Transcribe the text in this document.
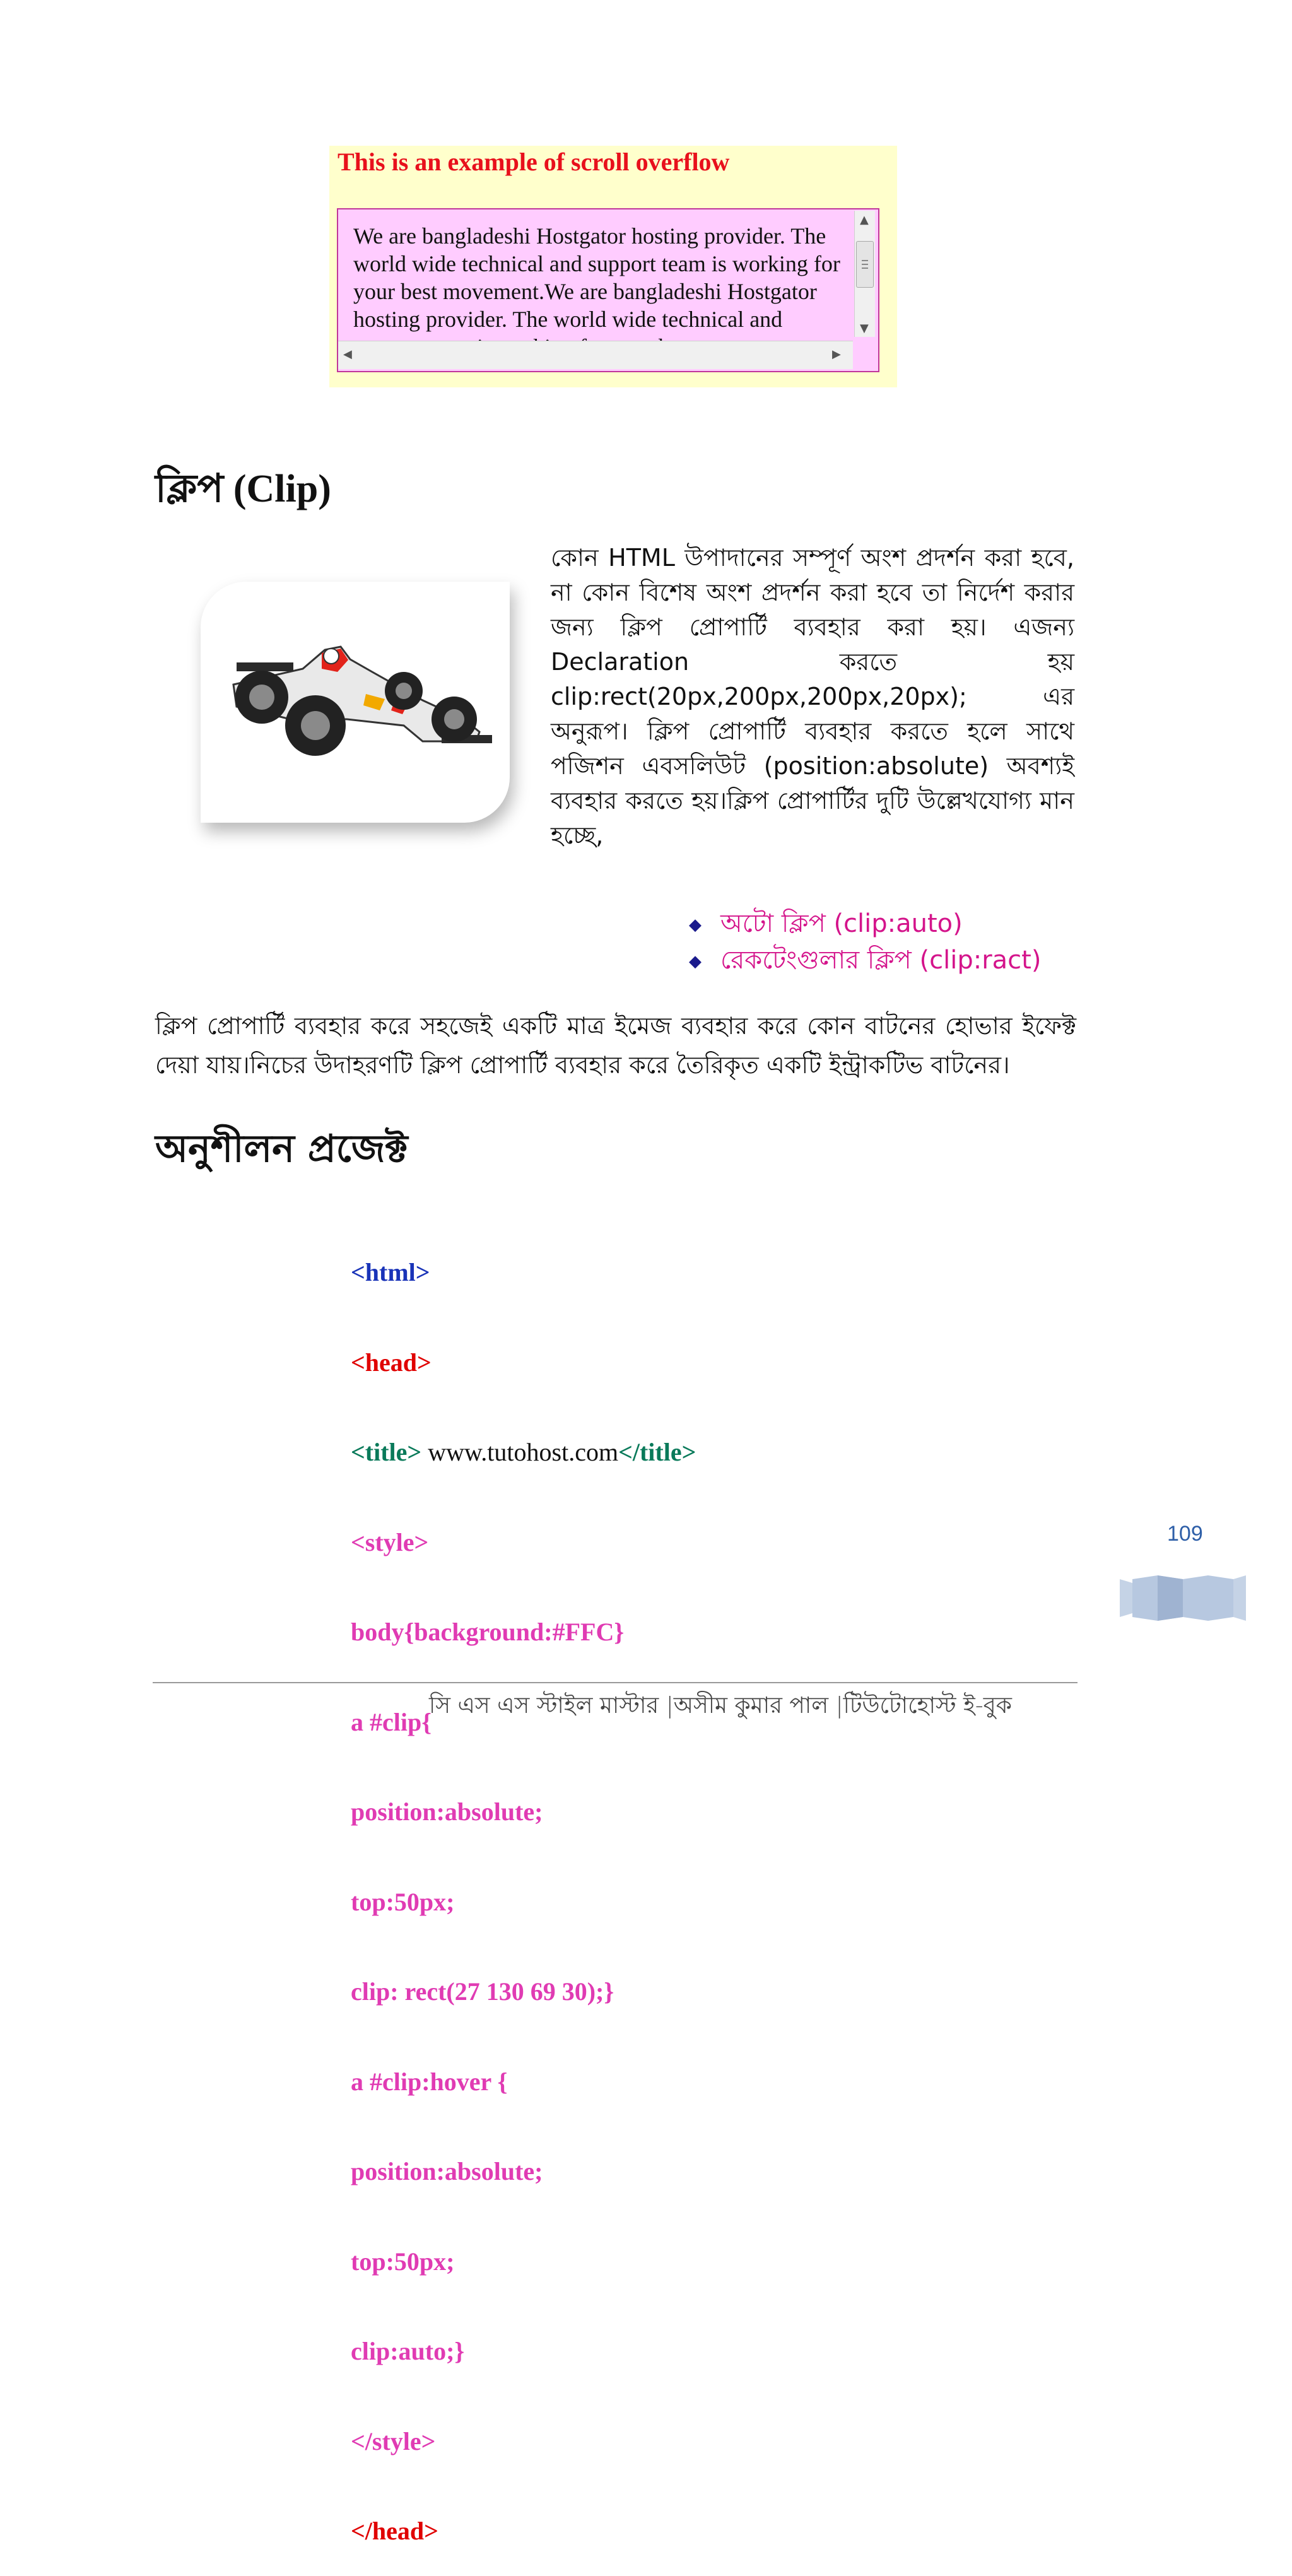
This is an example of scroll overflow
We are bangladeshi Hostgator hosting provider. The world wide technical and support team is working for your best movement.We are bangladeshi Hostgator hosting provider. The world wide technical and
▲
▼
◀	▶
ক্লিপ (Clip)

কোন HTML উপাদানের সম্পূর্ণ অংশ প্রদর্শন করা হবে, না কোন বিশেষ অংশ প্রদর্শন করা হবে তা নির্দেশ করার জন্য ক্লিপ প্রোপার্টি ব্যবহার করা হয়। এজন্য Declaration করতে হয় clip:rect(20px,200px,200px,20px); এর অনুরূপ। ক্লিপ প্রোপার্টি ব্যবহার করতে হলে সাথে পজিশন এবসলিউট (position:absolute) অবশ্যই ব্যবহার করতে হয়।ক্লিপ প্রোপার্টির দুটি উল্লেখযোগ্য মান হচ্ছে,

◆ অটো ক্লিপ (clip:auto)
◆ রেকটেংগুলার ক্লিপ (clip:ract)

ক্লিপ প্রোপার্টি ব্যবহার করে সহজেই একটি মাত্র ইমেজ ব্যবহার করে কোন বাটনের হোভার ইফেক্ট দেয়া যায়।নিচের উদাহরণটি ক্লিপ প্রোপার্টি ব্যবহার করে তৈরিকৃত একটি ইন্ট্রাকটিভ বাটনের।

অনুশীলন প্রজেক্ট

<html>

<head>

<title> www.tutohost.com</title>

<style>

body{background:#FFC}

a #clip{

position:absolute;

top:50px;

clip: rect(27 130 69 30);}

a #clip:hover {

position:absolute;

top:50px;

clip:auto;}

</style>

</head>

109
সি এস এস স্টাইল মাস্টার |অসীম কুমার পাল |টিউটোহোস্ট ই-বুক
